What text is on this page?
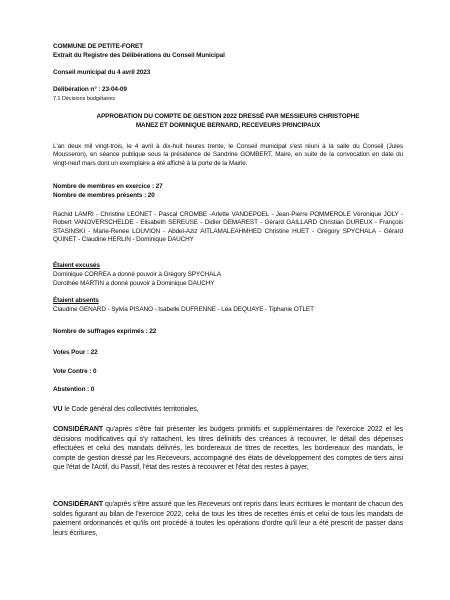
COMMUNE DE PETITE-FORET
Extrait du Registre des Délibérations du Conseil Municipal
Conseil municipal du 4 avril 2023
Délibération n° : 23-04-09
7.1 Décisions budgétaires
APPROBATION DU COMPTE DE GESTION 2022 DRESSÉ PAR MESSIEURS CHRISTOPHE
MANEZ ET DOMINIQUE BERNARD, RECEVEURS PRINCIPAUX

L'an deux mil vingt-trois, le 4 avril à dix-huit heures trente, le Conseil municipal s'est réuni à la salle du Conseil (Jules Mousseron), en séance publique sous la présidence de Sandrine GOMBERT, Maire, en suite de la convocation en date du vingt-neuf mars dont un exemplaire a été affiché à la porte de la Mairie.

Nombre de membres en exercice : 27
Nombre de membres présents : 20

Rachid LAMRI - Christine LEONET - Pascal CROMBE -Arlette VANDEPOEL - Jean-Pierre POMMEROLE Véronique JOLY - Robert VANOVERSCHELDE - Elisabeth SEREUSE - Didier DEMAREST - Gérard GAILLARD Christian DUREUX - François STASINSKI - Marie-Renée LOUVION - Abdel-Aziz AITLAMALEAHMHED Christine HUET - Grégory SPYCHALA - Gérard QUINET - Claudine HERLIN - Dominique DAUCHY

Étaient excusés
Dominique CORREA a donné pouvoir à Grégory SPYCHALA
Dorothée MARTIN a donné pouvoir à Dominique DAUCHY
Étaient absents
Claudine GENARD - Sylvia PISANO - Isabelle DUFRENNE - Léa DEQUAYE - Tiphanie OTLET
Nombre de suffrages exprimés : 22
Votes Pour : 22
Vote Contre : 0
Abstention : 0

VU le Code général des collectivités territoriales,

CONSIDÉRANT qu'après s'être fait présenter les budgets primitifs et supplémentaires de l'exercice 2022 et les décisions modificatives qui s'y rattachent, les titres définitifs des créances à recouvrer, le détail des dépenses effectuées et celui des mandats délivrés, les bordereaux de titres de recettes, les bordereaux des mandats, le compte de gestion dressé par les Receveurs, accompagné des états de développement des comptes de tiers ainsi que l'état de l'Actif, du Passif, l'état des restes à recouvrer et l'état des restes à payer,

CONSIDÉRANT qu'après s'être assuré que les Receveurs ont repris dans leurs écritures le montant de chacun des soldes figurant au bilan de l'exercice 2022, celui de tous les titres de recettes émis et celui de tous les mandats de paiement ordonnancés et qu'ils ont procédé à toutes les opérations d'ordre qu'il leur a été prescrit de passer dans leurs écritures,
